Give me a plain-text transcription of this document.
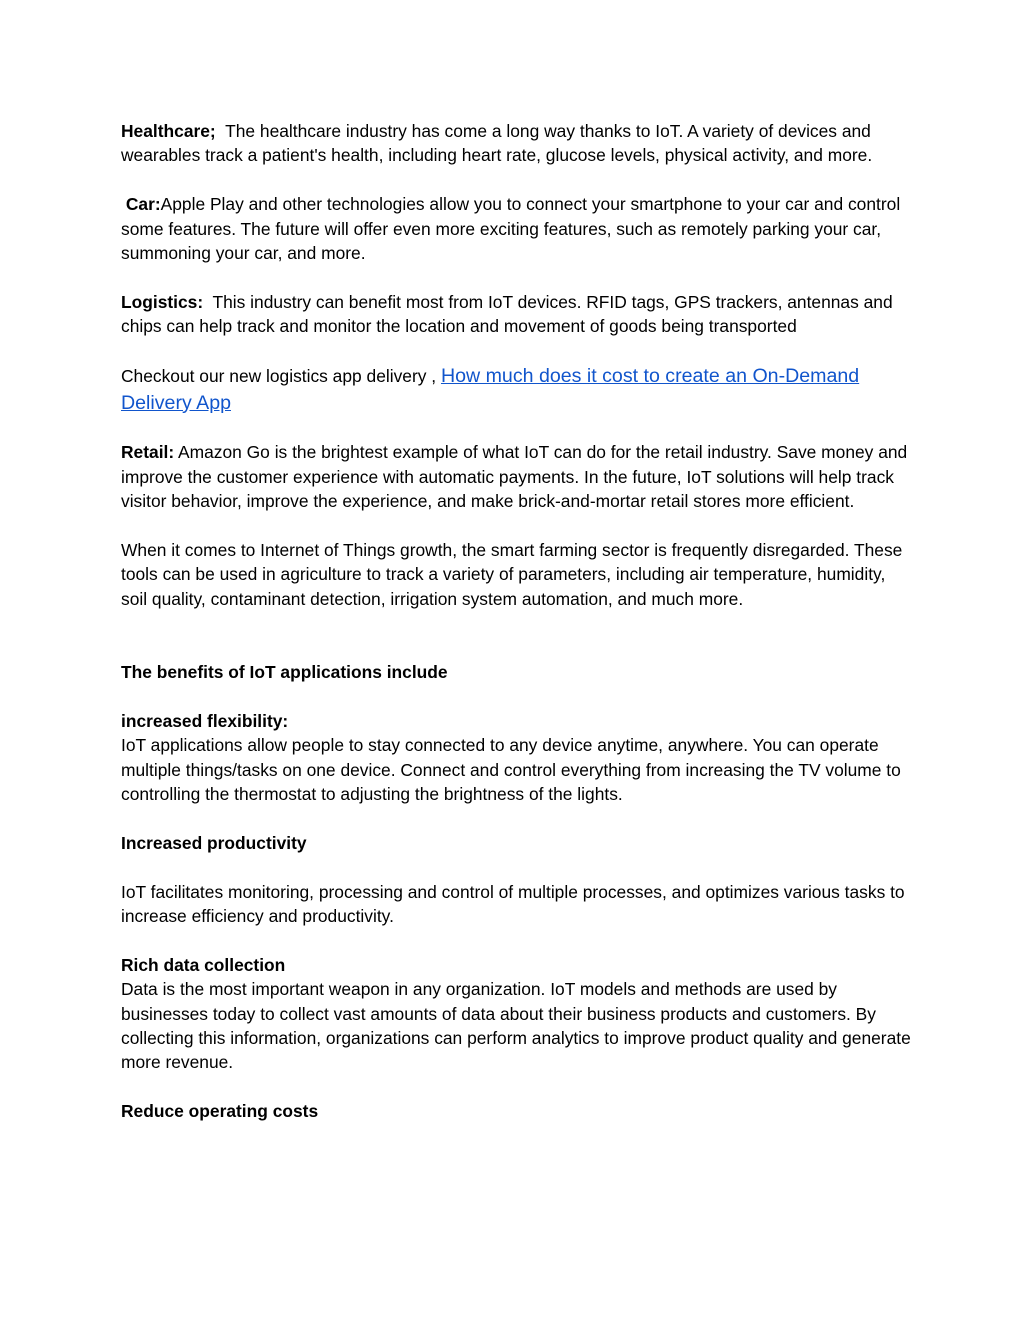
Healthcare; The healthcare industry has come a long way thanks to IoT. A variety of devices and wearables track a patient's health, including heart rate, glucose levels, physical activity, and more.

Car:Apple Play and other technologies allow you to connect your smartphone to your car and control some features. The future will offer even more exciting features, such as remotely parking your car, summoning your car, and more.

Logistics: This industry can benefit most from IoT devices. RFID tags, GPS trackers, antennas and chips can help track and monitor the location and movement of goods being transported

Checkout our new logistics app delivery , How much does it cost to create an On-Demand Delivery App

Retail: Amazon Go is the brightest example of what IoT can do for the retail industry. Save money and improve the customer experience with automatic payments. In the future, IoT solutions will help track visitor behavior, improve the experience, and make brick-and-mortar retail stores more efficient.

When it comes to Internet of Things growth, the smart farming sector is frequently disregarded. These tools can be used in agriculture to track a variety of parameters, including air temperature, humidity, soil quality, contaminant detection, irrigation system automation, and much more.

The benefits of IoT applications include

increased flexibility:

IoT applications allow people to stay connected to any device anytime, anywhere. You can operate multiple things/tasks on one device. Connect and control everything from increasing the TV volume to controlling the thermostat to adjusting the brightness of the lights.

Increased productivity

IoT facilitates monitoring, processing and control of multiple processes, and optimizes various tasks to increase efficiency and productivity.

Rich data collection

Data is the most important weapon in any organization. IoT models and methods are used by businesses today to collect vast amounts of data about their business products and customers. By collecting this information, organizations can perform analytics to improve product quality and generate more revenue.

Reduce operating costs
